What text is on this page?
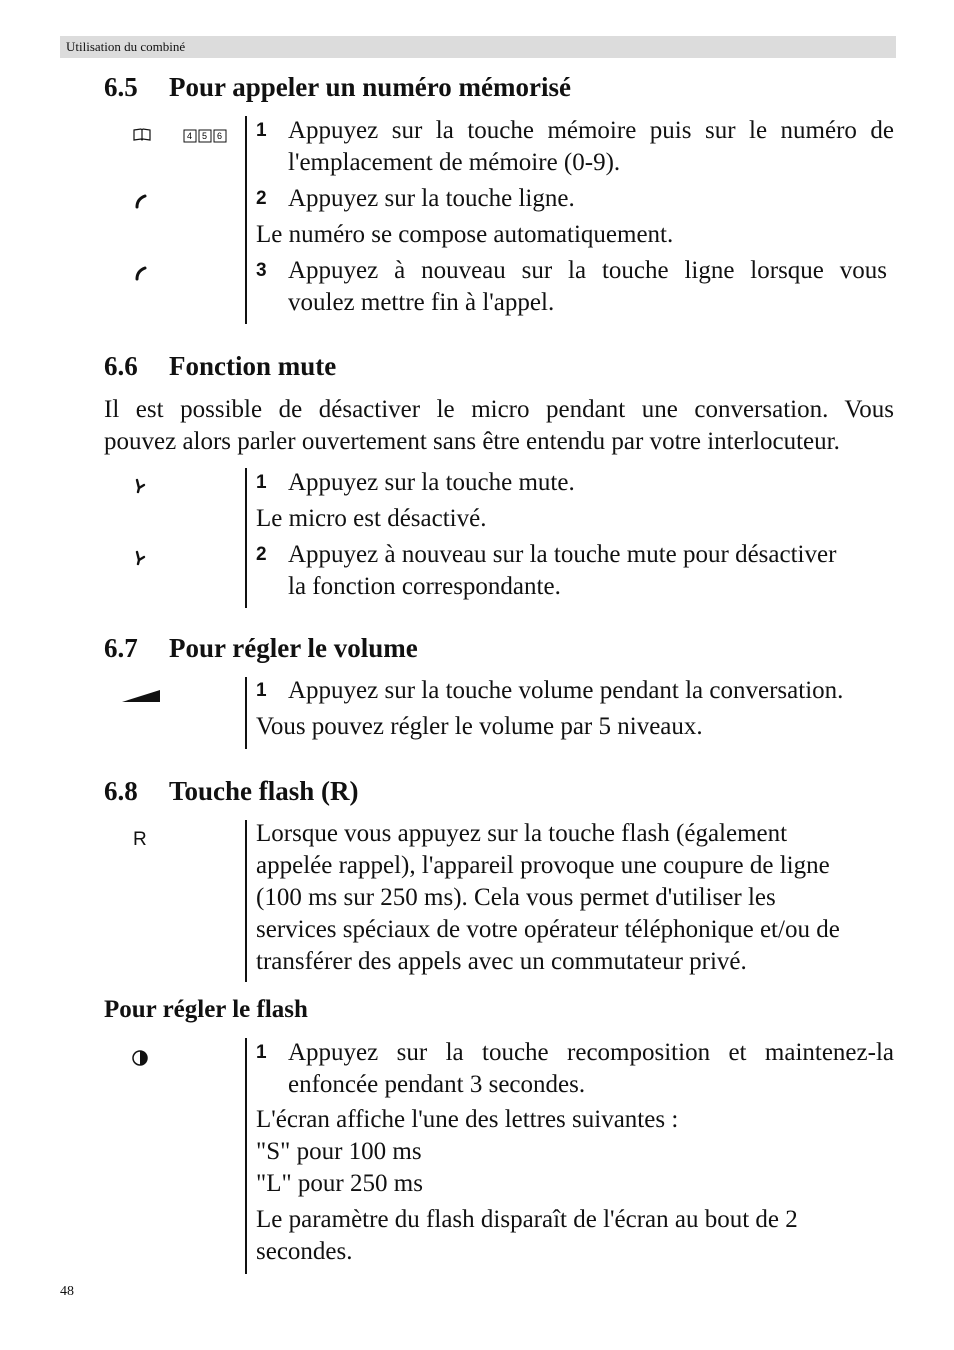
Utilisation du combiné
6.5 Pour appeler un numéro mémorisé
4 5 6 1 Appuyez sur la touche mémoire puis sur le numéro de
l'emplacement de mémoire (0-9).
2 Appuyez sur la touche ligne.
Le numéro se compose automatiquement.
3 Appuyez à nouveau sur la touche ligne lorsque vous
voulez mettre fin à l'appel.
6.6 Fonction mute
Il est possible de désactiver le micro pendant une conversation. Vous
pouvez alors parler ouvertement sans être entendu par votre interlocuteur.
1 Appuyez sur la touche mute.
Le micro est désactivé.
2 Appuyez à nouveau sur la touche mute pour désactiver
la fonction correspondante.
6.7 Pour régler le volume
1 Appuyez sur la touche volume pendant la conversation.
Vous pouvez régler le volume par 5 niveaux.
6.8 Touche flash (R)
R	Lorsque vous appuyez sur la touche flash (également
appelée rappel), l'appareil provoque une coupure de ligne
(100 ms sur 250 ms). Cela vous permet d'utiliser les
services spéciaux de votre opérateur téléphonique et/ou de
transférer des appels avec un commutateur privé.
Pour régler le flash
1 Appuyez sur la touche recomposition et maintenez-la
enfoncée pendant 3 secondes.
L'écran affiche l'une des lettres suivantes :
"S" pour 100 ms
"L" pour 250 ms
Le paramètre du flash disparaît de l'écran au bout de 2
secondes.
48
